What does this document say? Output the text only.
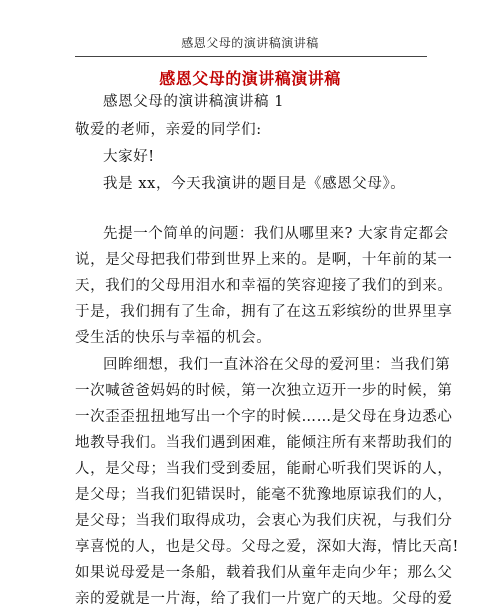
感恩父母的演讲稿演讲稿
感恩父母的演讲稿演讲稿
感恩父母的演讲稿演讲稿 1
敬爱的老师，亲爱的同学们:
大家好!
我是 xx，今天我演讲的题目是《感恩父母》。
先提一个简单的问题：我们从哪里来? 大家肯定都会
说，是父母把我们带到世界上来的。是啊，十年前的某一
天，我们的父母用泪水和幸福的笑容迎接了我们的到来。
于是，我们拥有了生命，拥有了在这五彩缤纷的世界里享
受生活的快乐与幸福的机会。
回眸细想，我们一直沐浴在父母的爱河里：当我们第
一次喊爸爸妈妈的时候，第一次独立迈开一步的时候，第
一次歪歪扭扭地写出一个字的时候……是父母在身边悉心
地教导我们。当我们遇到困难，能倾注所有来帮助我们的
人，是父母；当我们受到委屈，能耐心听我们哭诉的人，
是父母；当我们犯错误时，能毫不犹豫地原谅我们的人，
是父母；当我们取得成功，会衷心为我们庆祝，与我们分
享喜悦的人，也是父母。父母之爱，深如大海，情比天高!
如果说母爱是一条船，载着我们从童年走向少年；那么父
亲的爱就是一片海，给了我们一片宽广的天地。父母的爱
